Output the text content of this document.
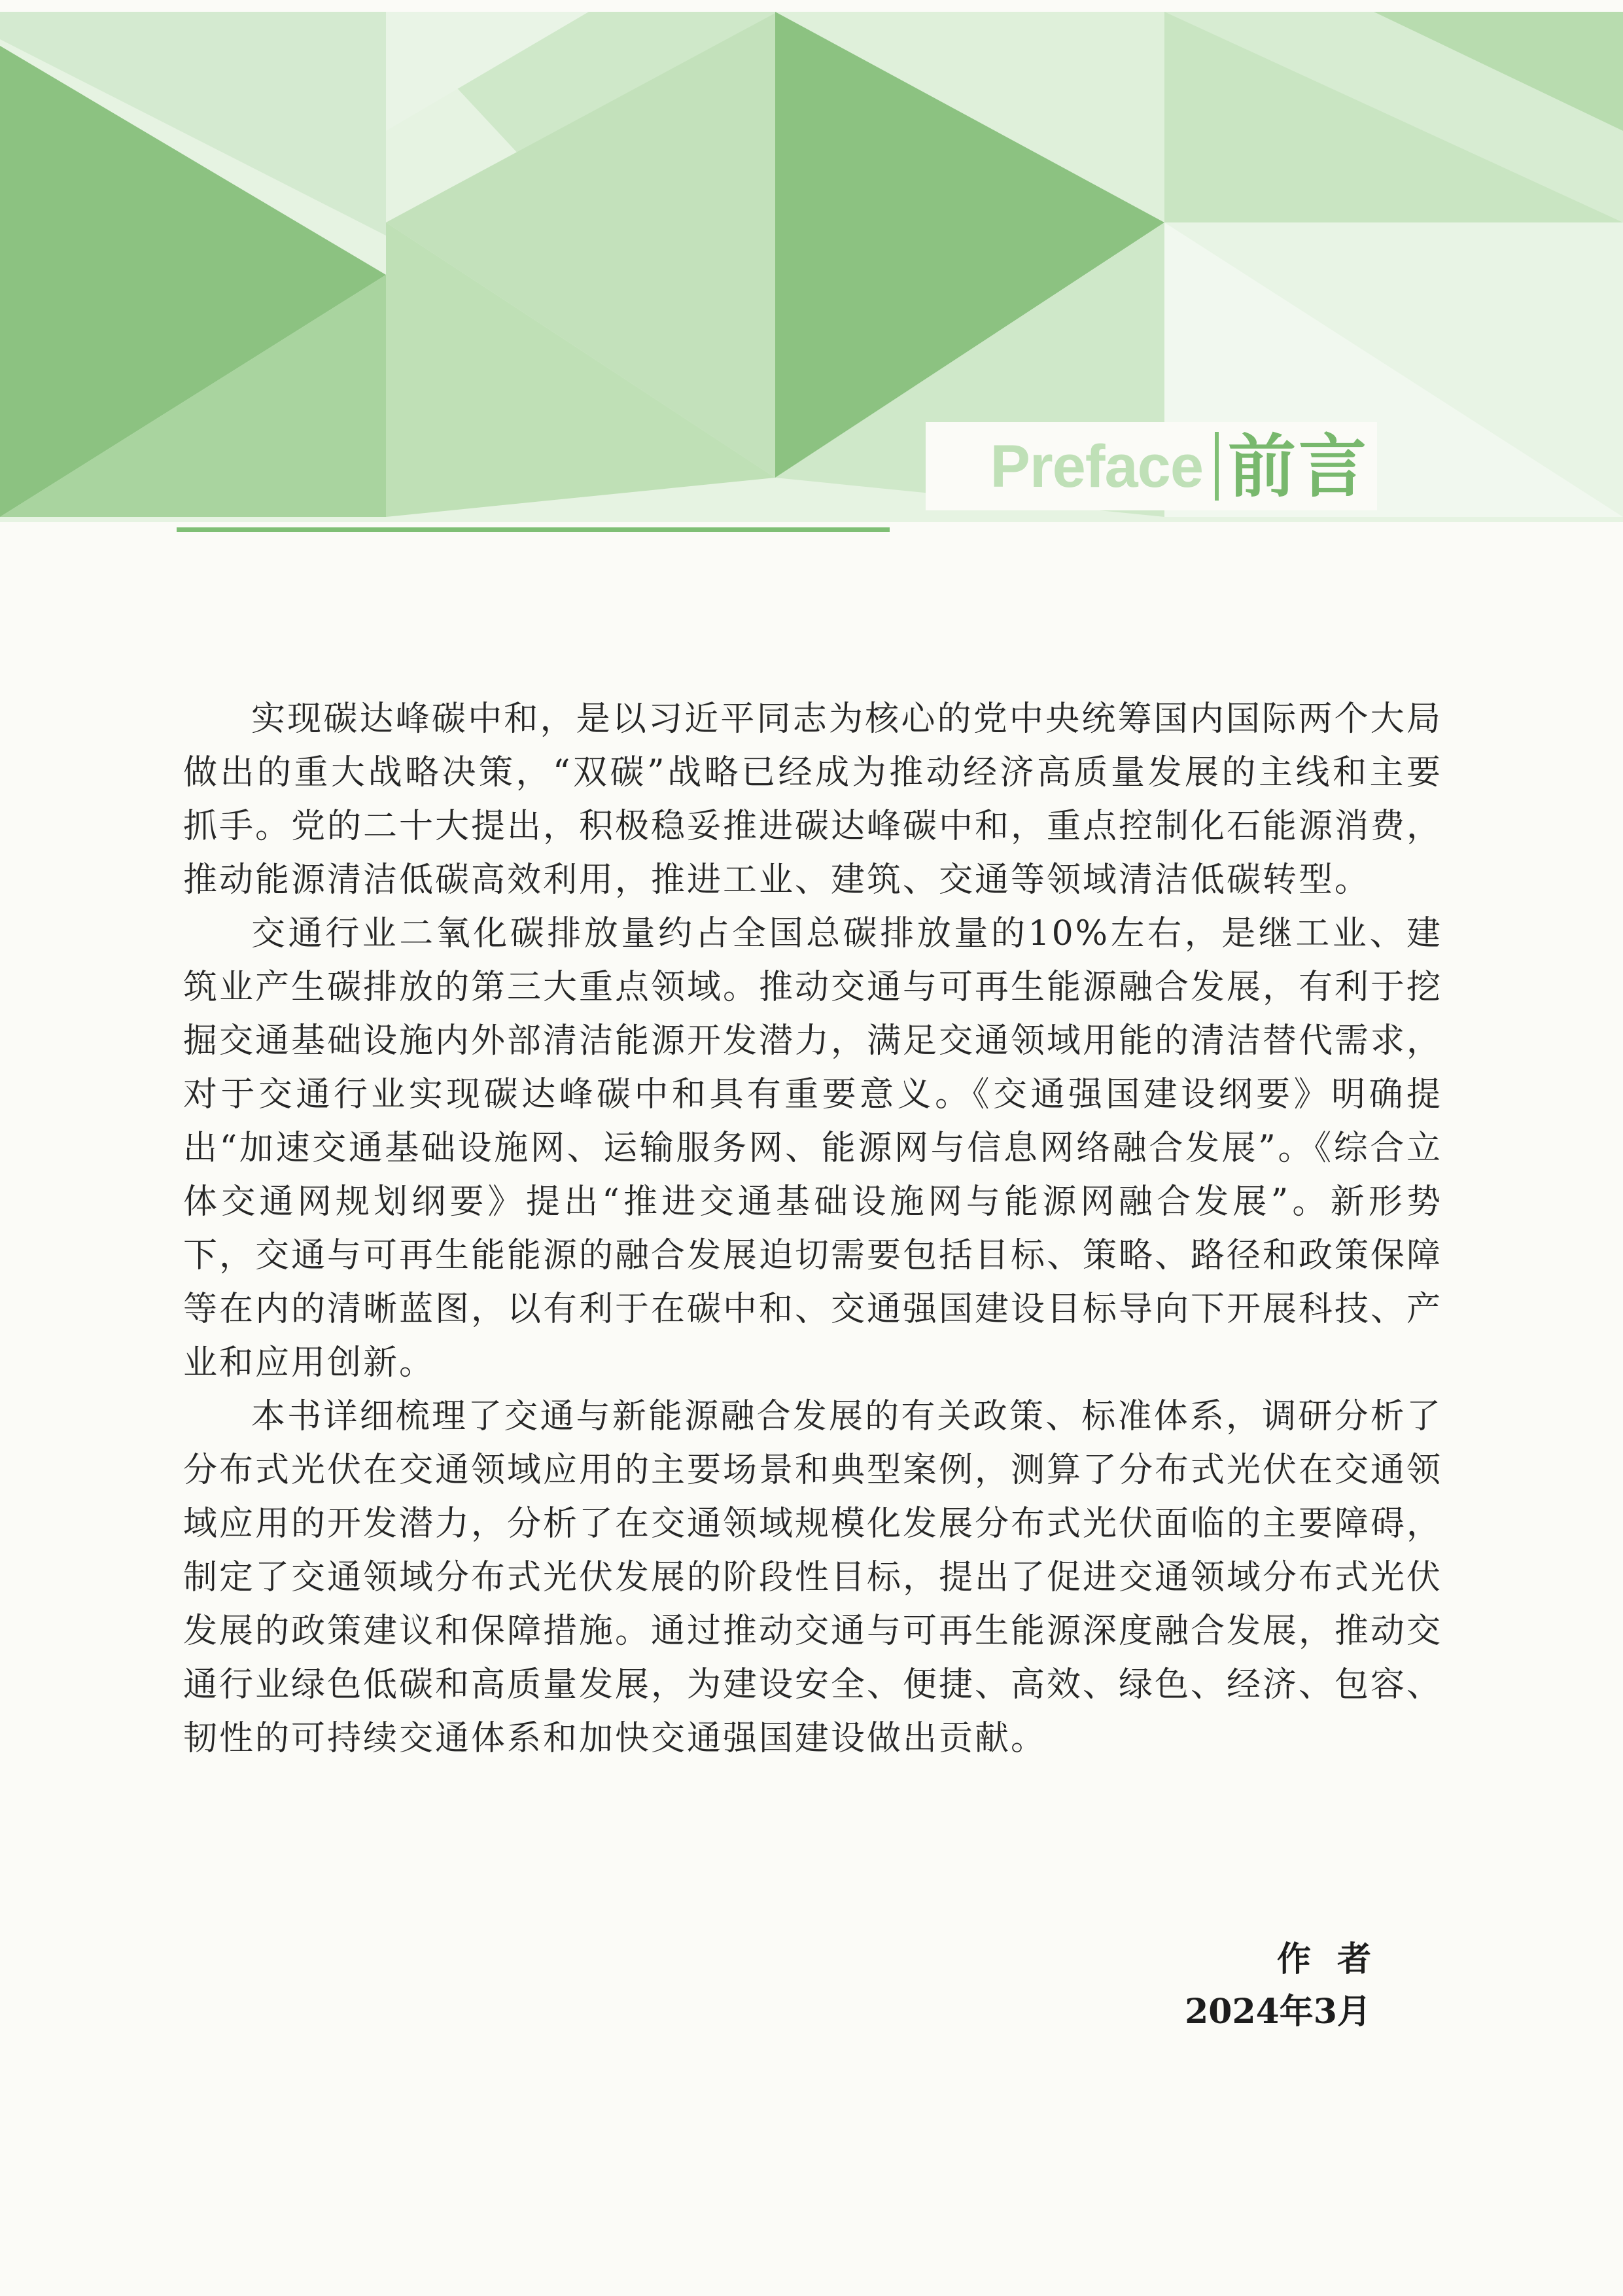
Preface 前言

实现碳达峰碳中和，是以习近平同志为核心的党中央统筹国内国际两个大局做出的重大战略决策，“双碳”战略已经成为推动经济高质量发展的主线和主要抓手。党的二十大提出，积极稳妥推进碳达峰碳中和，重点控制化石能源消费，推动能源清洁低碳高效利用，推进工业、建筑、交通等领域清洁低碳转型。

交通行业二氧化碳排放量约占全国总碳排放量的10%左右，是继工业、建筑业产生碳排放的第三大重点领域。推动交通与可再生能源融合发展，有利于挖掘交通基础设施内外部清洁能源开发潜力，满足交通领域用能的清洁替代需求，对于交通行业实现碳达峰碳中和具有重要意义。《交通强国建设纲要》明确提出“加速交通基础设施网、运输服务网、能源网与信息网络融合发展”。《综合立体交通网规划纲要》提出“推进交通基础设施网与能源网融合发展”。新形势下，交通与可再生能能源的融合发展迫切需要包括目标、策略、路径和政策保障等在内的清晰蓝图，以有利于在碳中和、交通强国建设目标导向下开展科技、产业和应用创新。

本书详细梳理了交通与新能源融合发展的有关政策、标准体系，调研分析了分布式光伏在交通领域应用的主要场景和典型案例，测算了分布式光伏在交通领域应用的开发潜力，分析了在交通领域规模化发展分布式光伏面临的主要障碍，制定了交通领域分布式光伏发展的阶段性目标，提出了促进交通领域分布式光伏发展的政策建议和保障措施。通过推动交通与可再生能源深度融合发展，推动交通行业绿色低碳和高质量发展，为建设安全、便捷、高效、绿色、经济、包容、韧性的可持续交通体系和加快交通强国建设做出贡献。

作者
2024年3月
